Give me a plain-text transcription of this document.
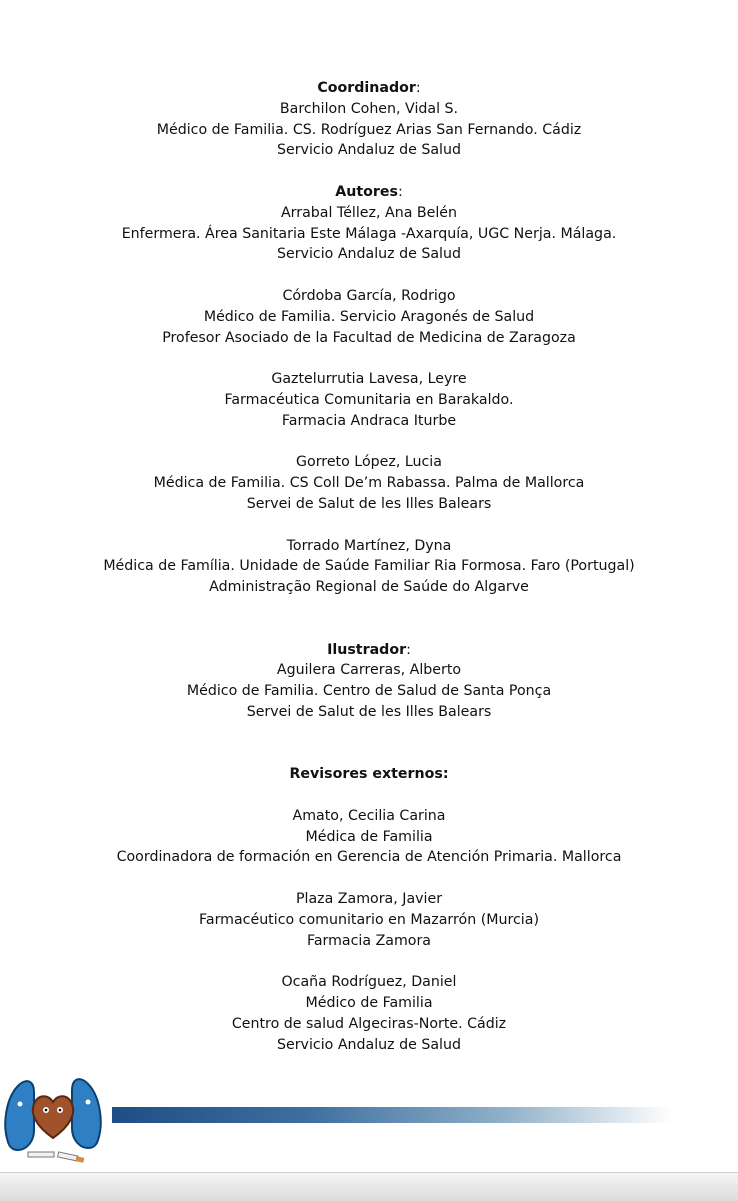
Coordinador:
Barchilon Cohen, Vidal S.
Médico de Familia. CS. Rodríguez Arias San Fernando. Cádiz
Servicio Andaluz de Salud
Autores:
Arrabal Téllez, Ana Belén
Enfermera. Área Sanitaria Este Málaga -Axarquía, UGC Nerja. Málaga.
Servicio Andaluz de Salud
Córdoba García, Rodrigo
Médico de Familia. Servicio Aragonés de Salud
Profesor Asociado de la Facultad de Medicina de Zaragoza
Gaztelurrutia Lavesa, Leyre
Farmacéutica Comunitaria en Barakaldo.
Farmacia Andraca Iturbe
Gorreto López, Lucia
Médica de Familia. CS Coll De’m Rabassa. Palma de Mallorca
Servei de Salut de les Illes Balears
Torrado Martínez, Dyna
Médica de Família. Unidade de Saúde Familiar Ria Formosa. Faro (Portugal)
Administração Regional de Saúde do Algarve
Ilustrador:
Aguilera Carreras, Alberto
Médico de Familia. Centro de Salud de Santa Ponça
Servei de Salut de les Illes Balears
Revisores externos:
Amato, Cecilia Carina
Médica de Familia
Coordinadora de formación en Gerencia de Atención Primaria. Mallorca
Plaza Zamora, Javier
Farmacéutico comunitario en Mazarrón (Murcia)
Farmacia Zamora
Ocaña Rodríguez, Daniel
Médico de Familia
Centro de salud Algeciras-Norte. Cádiz
Servicio Andaluz de Salud
